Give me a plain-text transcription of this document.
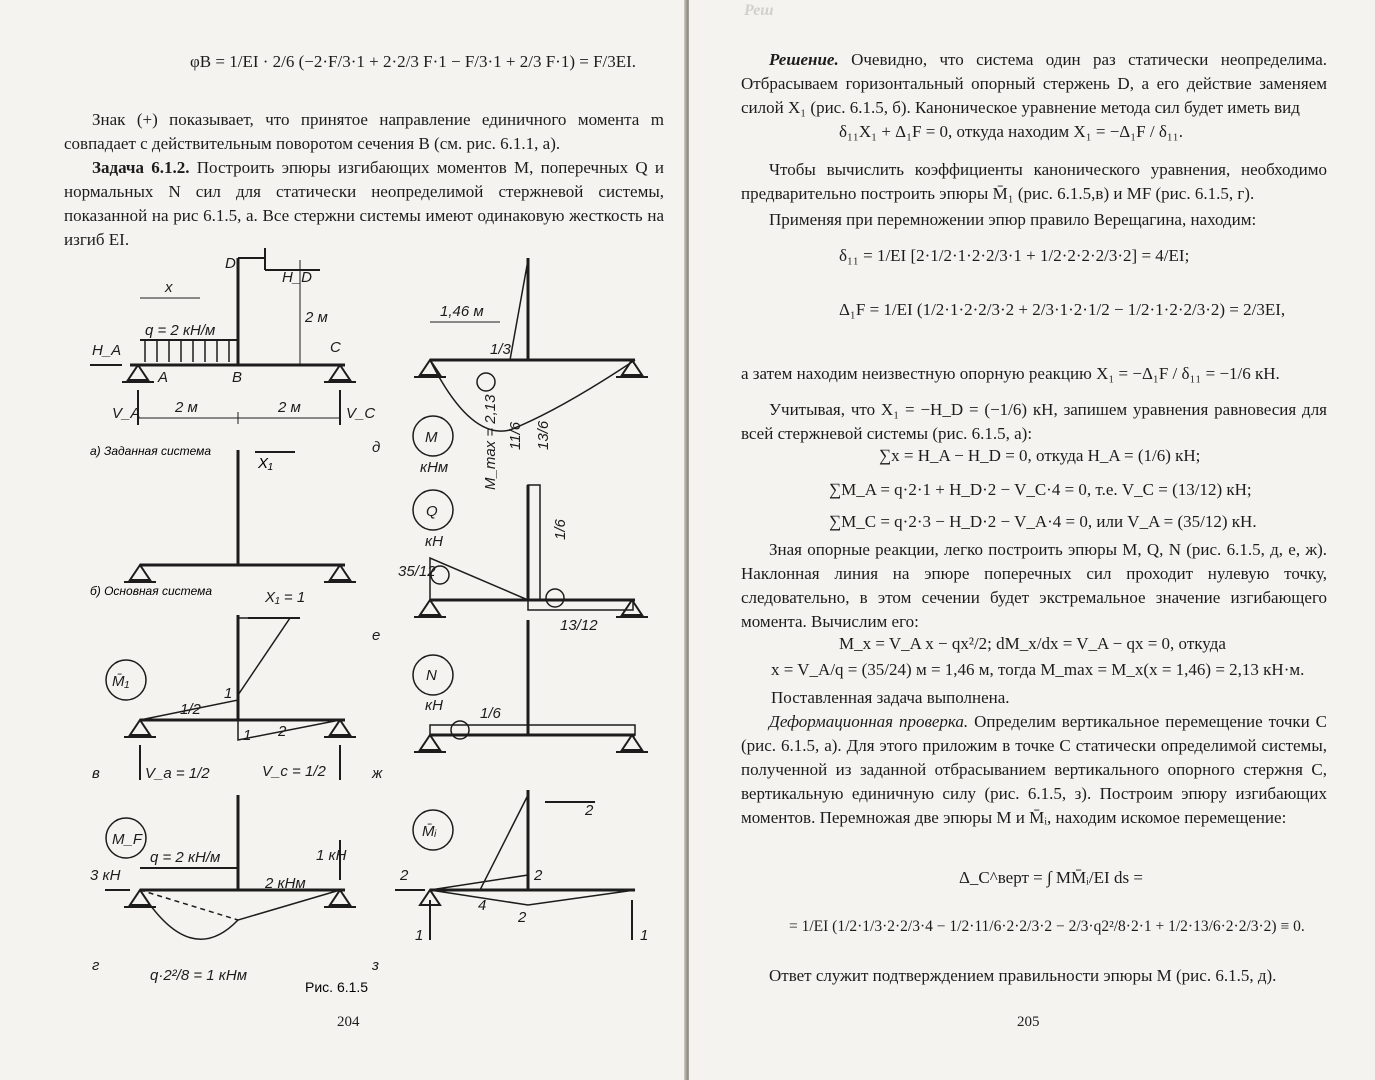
φB = 1/EI · 2/6 (−2·F/3·1 + 2·2/3 F·1 − F/3·1 + 2/3 F·1) = F/3EI.
Знак (+) показывает, что принятое направление единичного момента m совпадает с действительным поворотом сечения B (см. рис. 6.1.1, а).
Задача 6.1.2. Построить эпюры изгибающих моментов M, поперечных Q и нормальных N сил для статически неопределимой стержневой системы, показанной на рис 6.1.5, а. Все стержни системы имеют одинаковую жесткость на изгиб EI.
D
H_D
2 м
x
q = 2 кН/м
H_A
A	B
C
V_A 2 м	2 м	V_C
а) Заданная система
X₁
б) Основная система	X₁ = 1
M̄₁
1
1/2
1 2
V_a = 1/2	V_c = 1/2
в
M_F
q = 2 кН/м	1 кН
3 кН	2 кНм
q·2²/8 = 1 кНм
г
1,46 м
1/3
M
кНм
д	M_max = 2,13 11/6 13/6
Q
кН
35/12
1/6
13/12
е
N
кН 1/6
ж
M̄ᵢ
2
2	2
4
2
1	1
з
Рис. 6.1.5
204
Реш
Решение. Очевидно, что система один раз статически неопределима. Отбрасываем горизонтальный опорный стержень D, а его действие заменяем силой X₁ (рис. 6.1.5, б). Каноническое уравнение метода сил будет иметь вид
δ₁₁X₁ + Δ₁F = 0, откуда находим X₁ = −Δ₁F / δ₁₁.
Чтобы вычислить коэффициенты канонического уравнения, необходимо предварительно построить эпюры M̄₁ (рис. 6.1.5,в) и MF (рис. 6.1.5, г).
Применяя при перемножении эпюр правило Верещагина, находим:
δ₁₁ = 1/EI [2·1/2·1·2·2/3·1 + 1/2·2·2·2/3·2] = 4/EI;
Δ₁F = 1/EI (1/2·1·2·2/3·2 + 2/3·1·2·1/2 − 1/2·1·2·2/3·2) = 2/3EI,
а затем находим неизвестную опорную реакцию X₁ = −Δ₁F / δ₁₁ = −1/6 кН.
Учитывая, что X₁ = −H_D = (−1/6) кН, запишем уравнения равновесия для всей стержневой системы (рис. 6.1.5, а):
∑x = H_A − H_D = 0, откуда H_A = (1/6) кН;
∑M_A = q·2·1 + H_D·2 − V_C·4 = 0, т.е. V_C = (13/12) кН;
∑M_C = q·2·3 − H_D·2 − V_A·4 = 0, или V_A = (35/12) кН.
Зная опорные реакции, легко построить эпюры M, Q, N (рис. 6.1.5, д, е, ж). Наклонная линия на эпюре поперечных сил проходит нулевую точку, следовательно, в этом сечении будет экстремальное значение изгибающего момента. Вычислим его:
M_x = V_A x − qx²/2; dM_x/dx = V_A − qx = 0, откуда
x = V_A/q = (35/24) м = 1,46 м, тогда M_max = M_x(x = 1,46) = 2,13 кН·м.
Поставленная задача выполнена.
Деформационная проверка. Определим вертикальное перемещение точки C (рис. 6.1.5, а). Для этого приложим в точке C статически определимой системы, полученной из заданной отбрасыванием вертикального опорного стержня C, вертикальную единичную силу (рис. 6.1.5, з). Построим эпюру изгибающих моментов. Перемножая две эпюры M и M̄ᵢ, находим искомое перемещение:
Δ_C^верт = ∫ MM̄ᵢ/EI ds =
= 1/EI (1/2·1/3·2·2/3·4 − 1/2·11/6·2·2/3·2 − 2/3·q2²/8·2·1 + 1/2·13/6·2·2/3·2) ≡ 0.
Ответ служит подтверждением правильности эпюры M (рис. 6.1.5, д).
205
